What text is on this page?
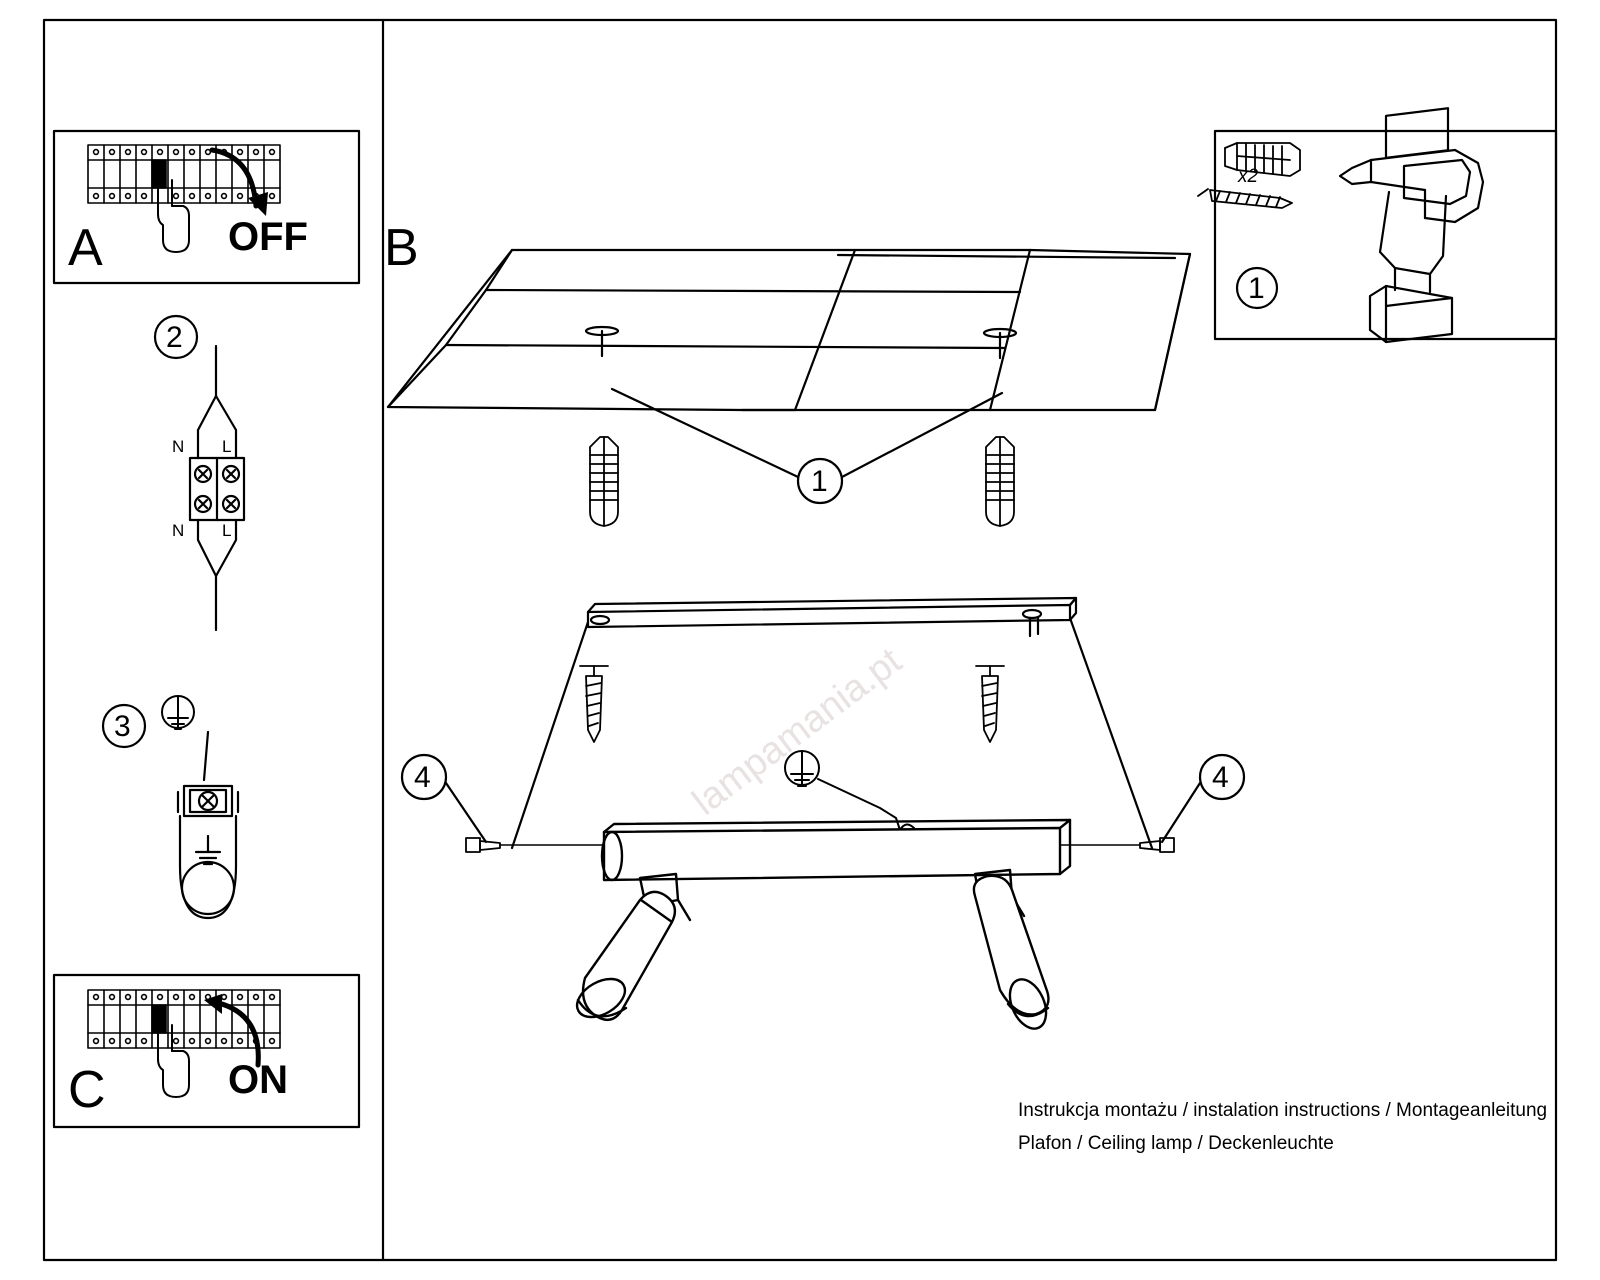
A	OFF B
C	ON
x2
1
2
N L
N L
3
1
4	4
lampamania.pt
Instrukcja montażu / instalation instructions / Montageanleitung
Plafon / Ceiling lamp / Deckenleuchte
